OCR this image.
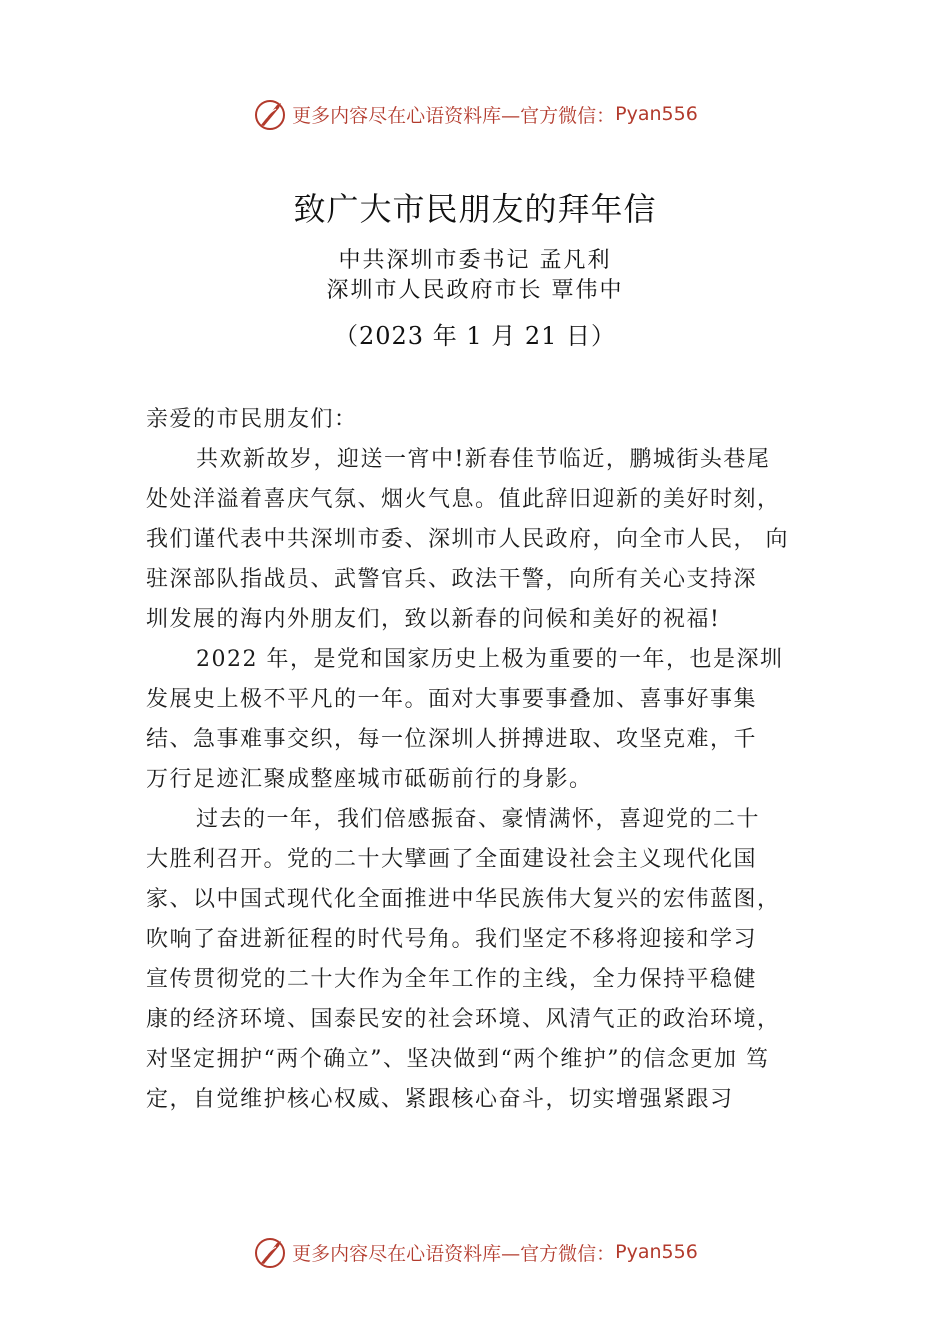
更多内容尽在心语资料库—官方微信： Pyan556
致广大市民朋友的拜年信
中共深圳市委书记 孟凡利
深圳市人民政府市长 覃伟中
（2023 年 1 月 21 日）
亲爱的市民朋友们：
共欢新故岁，迎送一宵中!新春佳节临近，鹏城街头巷尾
处处洋溢着喜庆气氛、烟火气息。值此辞旧迎新的美好时刻，
我们谨代表中共深圳市委、深圳市人民政府，向全市人民， 向
驻深部队指战员、武警官兵、政法干警，向所有关心支持深
圳发展的海内外朋友们，致以新春的问候和美好的祝福!
2022 年，是党和国家历史上极为重要的一年，也是深圳
发展史上极不平凡的一年。面对大事要事叠加、喜事好事集
结、急事难事交织，每一位深圳人拼搏进取、攻坚克难，千
万行足迹汇聚成整座城市砥砺前行的身影。
过去的一年，我们倍感振奋、豪情满怀，喜迎党的二十
大胜利召开。党的二十大擘画了全面建设社会主义现代化国
家、以中国式现代化全面推进中华民族伟大复兴的宏伟蓝图，
吹响了奋进新征程的时代号角。我们坚定不移将迎接和学习
宣传贯彻党的二十大作为全年工作的主线，全力保持平稳健
康的经济环境、国泰民安的社会环境、风清气正的政治环境，
对坚定拥护“两个确立”、坚决做到“两个维护”的信念更加 笃
定，自觉维护核心权威、紧跟核心奋斗，切实增强紧跟习
更多内容尽在心语资料库—官方微信： Pyan556
